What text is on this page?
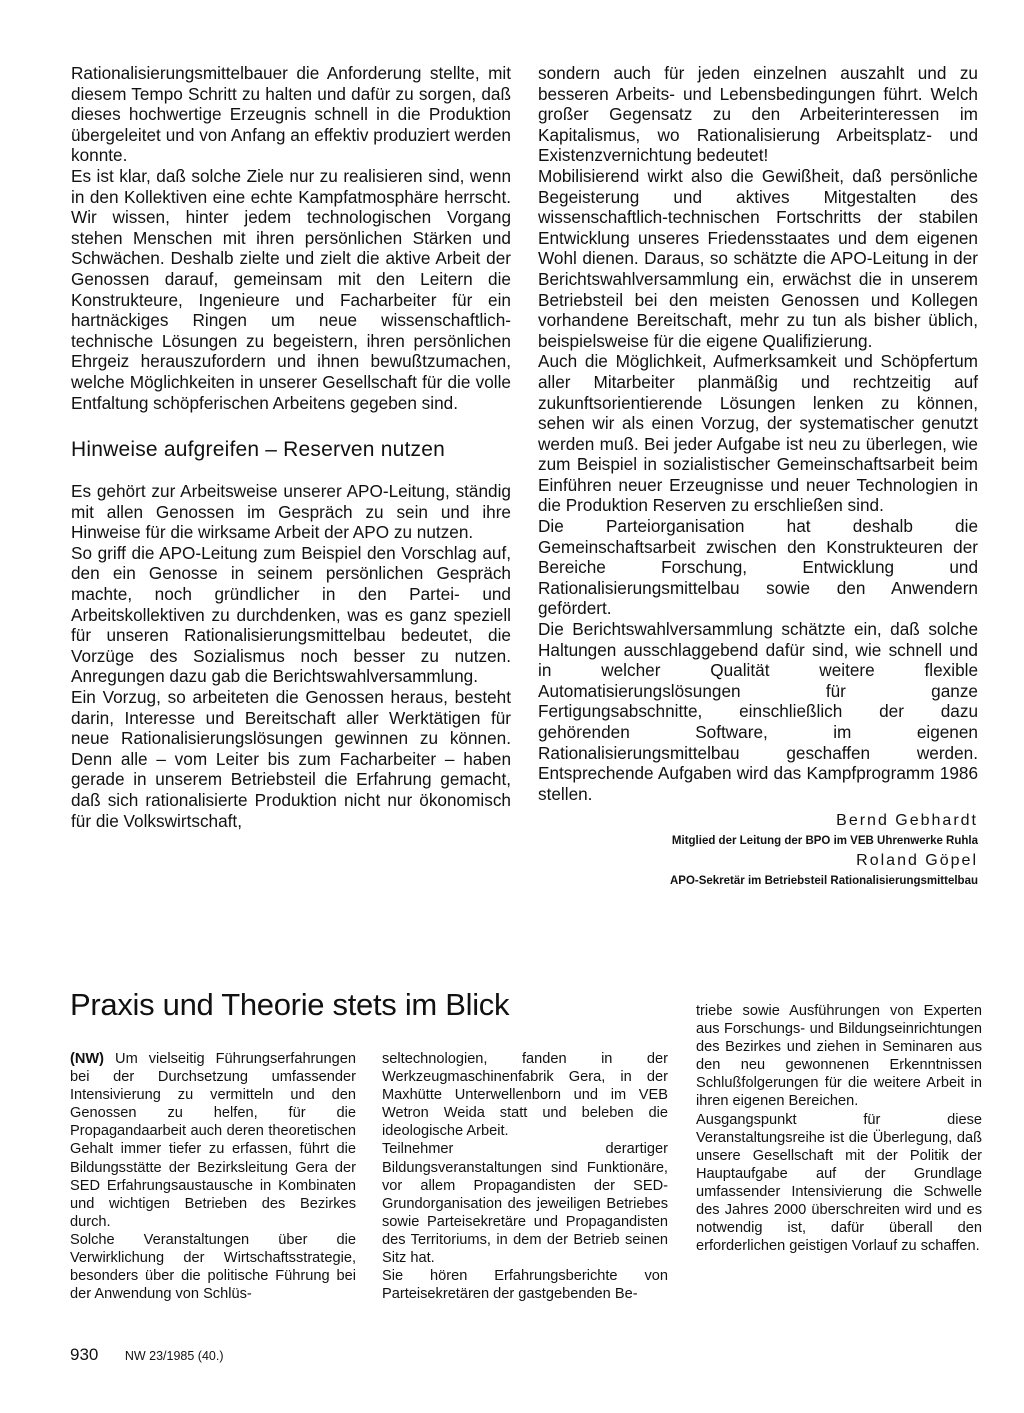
Rationalisierungsmittelbauer die Anforderung stellte, mit diesem Tempo Schritt zu halten und dafür zu sorgen, daß dieses hochwertige Erzeugnis schnell in die Produktion übergeleitet und von Anfang an effektiv produziert werden konnte.

Es ist klar, daß solche Ziele nur zu realisieren sind, wenn in den Kollektiven eine echte Kampfatmosphäre herrscht. Wir wissen, hinter jedem technologischen Vorgang stehen Menschen mit ihren persönlichen Stärken und Schwächen. Deshalb zielte und zielt die aktive Arbeit der Genossen darauf, gemeinsam mit den Leitern die Konstrukteure, Ingenieure und Facharbeiter für ein hartnäckiges Ringen um neue wissenschaftlich-technische Lösungen zu begeistern, ihren persönlichen Ehrgeiz herauszufordern und ihnen bewußtzumachen, welche Möglichkeiten in unserer Gesellschaft für die volle Entfaltung schöpferischen Arbeitens gegeben sind.

Hinweise aufgreifen – Reserven nutzen

Es gehört zur Arbeitsweise unserer APO-Leitung, ständig mit allen Genossen im Gespräch zu sein und ihre Hinweise für die wirksame Arbeit der APO zu nutzen.

So griff die APO-Leitung zum Beispiel den Vorschlag auf, den ein Genosse in seinem persönlichen Gespräch machte, noch gründlicher in den Partei- und Arbeitskollektiven zu durchdenken, was es ganz speziell für unseren Rationalisierungsmittelbau bedeutet, die Vorzüge des Sozialismus noch besser zu nutzen. Anregungen dazu gab die Berichtswahlversammlung.

Ein Vorzug, so arbeiteten die Genossen heraus, besteht darin, Interesse und Bereitschaft aller Werktätigen für neue Rationalisierungslösungen gewinnen zu können. Denn alle – vom Leiter bis zum Facharbeiter – haben gerade in unserem Betriebsteil die Erfahrung gemacht, daß sich rationalisierte Produktion nicht nur ökonomisch für die Volkswirtschaft,

sondern auch für jeden einzelnen auszahlt und zu besseren Arbeits- und Lebensbedingungen führt. Welch großer Gegensatz zu den Arbeiterinteressen im Kapitalismus, wo Rationalisierung Arbeitsplatz- und Existenzvernichtung bedeutet!

Mobilisierend wirkt also die Gewißheit, daß persönliche Begeisterung und aktives Mitgestalten des wissenschaftlich-technischen Fortschritts der stabilen Entwicklung unseres Friedensstaates und dem eigenen Wohl dienen. Daraus, so schätzte die APO-Leitung in der Berichtswahlversammlung ein, erwächst die in unserem Betriebsteil bei den meisten Genossen und Kollegen vorhandene Bereitschaft, mehr zu tun als bisher üblich, beispielsweise für die eigene Qualifizierung.

Auch die Möglichkeit, Aufmerksamkeit und Schöpfertum aller Mitarbeiter planmäßig und rechtzeitig auf zukunftsorientierende Lösungen lenken zu können, sehen wir als einen Vorzug, der systematischer genutzt werden muß. Bei jeder Aufgabe ist neu zu überlegen, wie zum Beispiel in sozialistischer Gemeinschaftsarbeit beim Einführen neuer Erzeugnisse und neuer Technologien in die Produktion Reserven zu erschließen sind.

Die Parteiorganisation hat deshalb die Gemeinschaftsarbeit zwischen den Konstrukteuren der Bereiche Forschung, Entwicklung und Rationalisierungsmittelbau sowie den Anwendern gefördert.

Die Berichtswahlversammlung schätzte ein, daß solche Haltungen ausschlaggebend dafür sind, wie schnell und in welcher Qualität weitere flexible Automatisierungslösungen für ganze Fertigungsabschnitte, einschließlich der dazu gehörenden Software, im eigenen Rationalisierungsmittelbau geschaffen werden. Entsprechende Aufgaben wird das Kampfprogramm 1986 stellen.

Bernd Gebhardt

Mitglied der Leitung der BPO im VEB Uhrenwerke Ruhla

Roland Göpel

APO-Sekretär im Betriebsteil Rationalisierungsmittelbau

Praxis und Theorie stets im Blick

(NW) Um vielseitig Führungserfahrungen bei der Durchsetzung umfassender Intensivierung zu vermitteln und den Genossen zu helfen, für die Propagandaarbeit auch deren theoretischen Gehalt immer tiefer zu erfassen, führt die Bildungsstätte der Bezirksleitung Gera der SED Erfahrungsaustausche in Kombinaten und wichtigen Betrieben des Bezirkes durch.

Solche Veranstaltungen über die Verwirklichung der Wirtschaftsstrategie, besonders über die politische Führung bei der Anwendung von Schlüs-

seltechnologien, fanden in der Werkzeugmaschinenfabrik Gera, in der Maxhütte Unterwellenborn und im VEB Wetron Weida statt und beleben die ideologische Arbeit.

Teilnehmer derartiger Bildungsveranstaltungen sind Funktionäre, vor allem Propagandisten der SED-Grundorganisation des jeweiligen Betriebes sowie Parteisekretäre und Propagandisten des Territoriums, in dem der Betrieb seinen Sitz hat.

Sie hören Erfahrungsberichte von Parteisekretären der gastgebenden Be-

triebe sowie Ausführungen von Experten aus Forschungs- und Bildungseinrichtungen des Bezirkes und ziehen in Seminaren aus den neu gewonnenen Erkenntnissen Schlußfolgerungen für die weitere Arbeit in ihren eigenen Bereichen.

Ausgangspunkt für diese Veranstaltungsreihe ist die Überlegung, daß unsere Gesellschaft mit der Politik der Hauptaufgabe auf der Grundlage umfassender Intensivierung die Schwelle des Jahres 2000 überschreiten wird und es notwendig ist, dafür überall den erforderlichen geistigen Vorlauf zu schaffen.

930 NW 23/1985 (40.)
